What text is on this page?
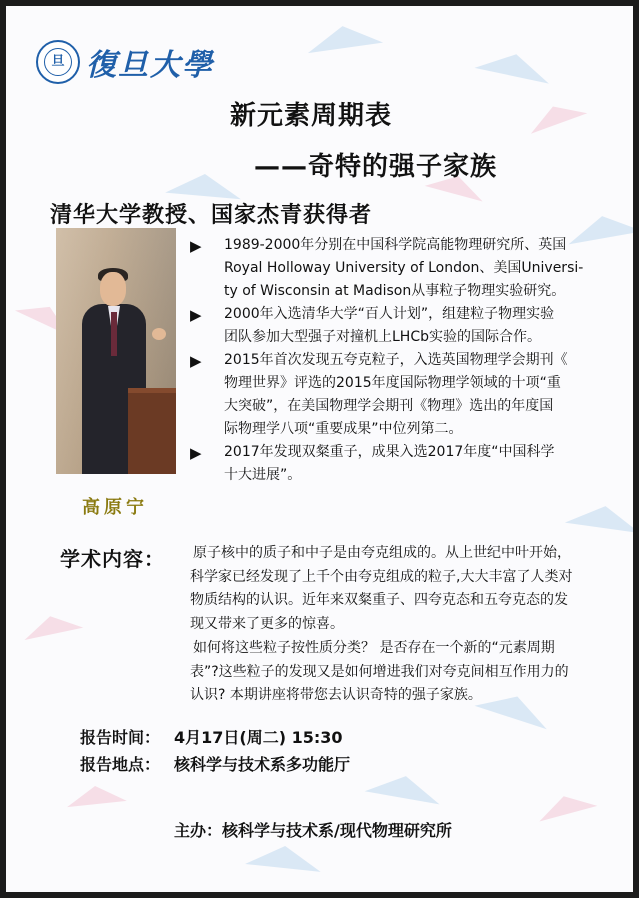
旦 復旦大學
新元素周期表
——奇特的强子家族
清华大学教授、国家杰青获得者
高原宁
▶ 1989-2000年分别在中国科学院高能物理研究所、英国
Royal Holloway University of London、美国Universi-
ty of Wisconsin at Madison从事粒子物理实验研究。
▶ 2000年入选清华大学“百人计划”，组建粒子物理实验
团队参加大型强子对撞机上LHCb实验的国际合作。
▶ 2015年首次发现五夸克粒子，入选英国物理学会期刊《
物理世界》评选的2015年度国际物理学领域的十项“重
大突破”，在美国物理学会期刊《物理》选出的年度国
际物理学八项“重要成果”中位列第二。
▶ 2017年发现双粲重子，成果入选2017年度“中国科学
十大进展”。
学术内容：	原子核中的质子和中子是由夸克组成的。从上世纪中叶开始，

科学家已经发现了上千个由夸克组成的粒子,大大丰富了人类对
物质结构的认识。近年来双粲重子、四夸克态和五夸克态的发
现又带来了更多的惊喜。

如何将这些粒子按性质分类？ 是否存在一个新的“元素周期

表”?这些粒子的发现又是如何增进我们对夸克间相互作用力的
认识? 本期讲座将带您去认识奇特的强子家族。

报告时间： 4月17日(周二) 15:30
报告地点： 核科学与技术系多功能厅
主办：核科学与技术系/现代物理研究所
